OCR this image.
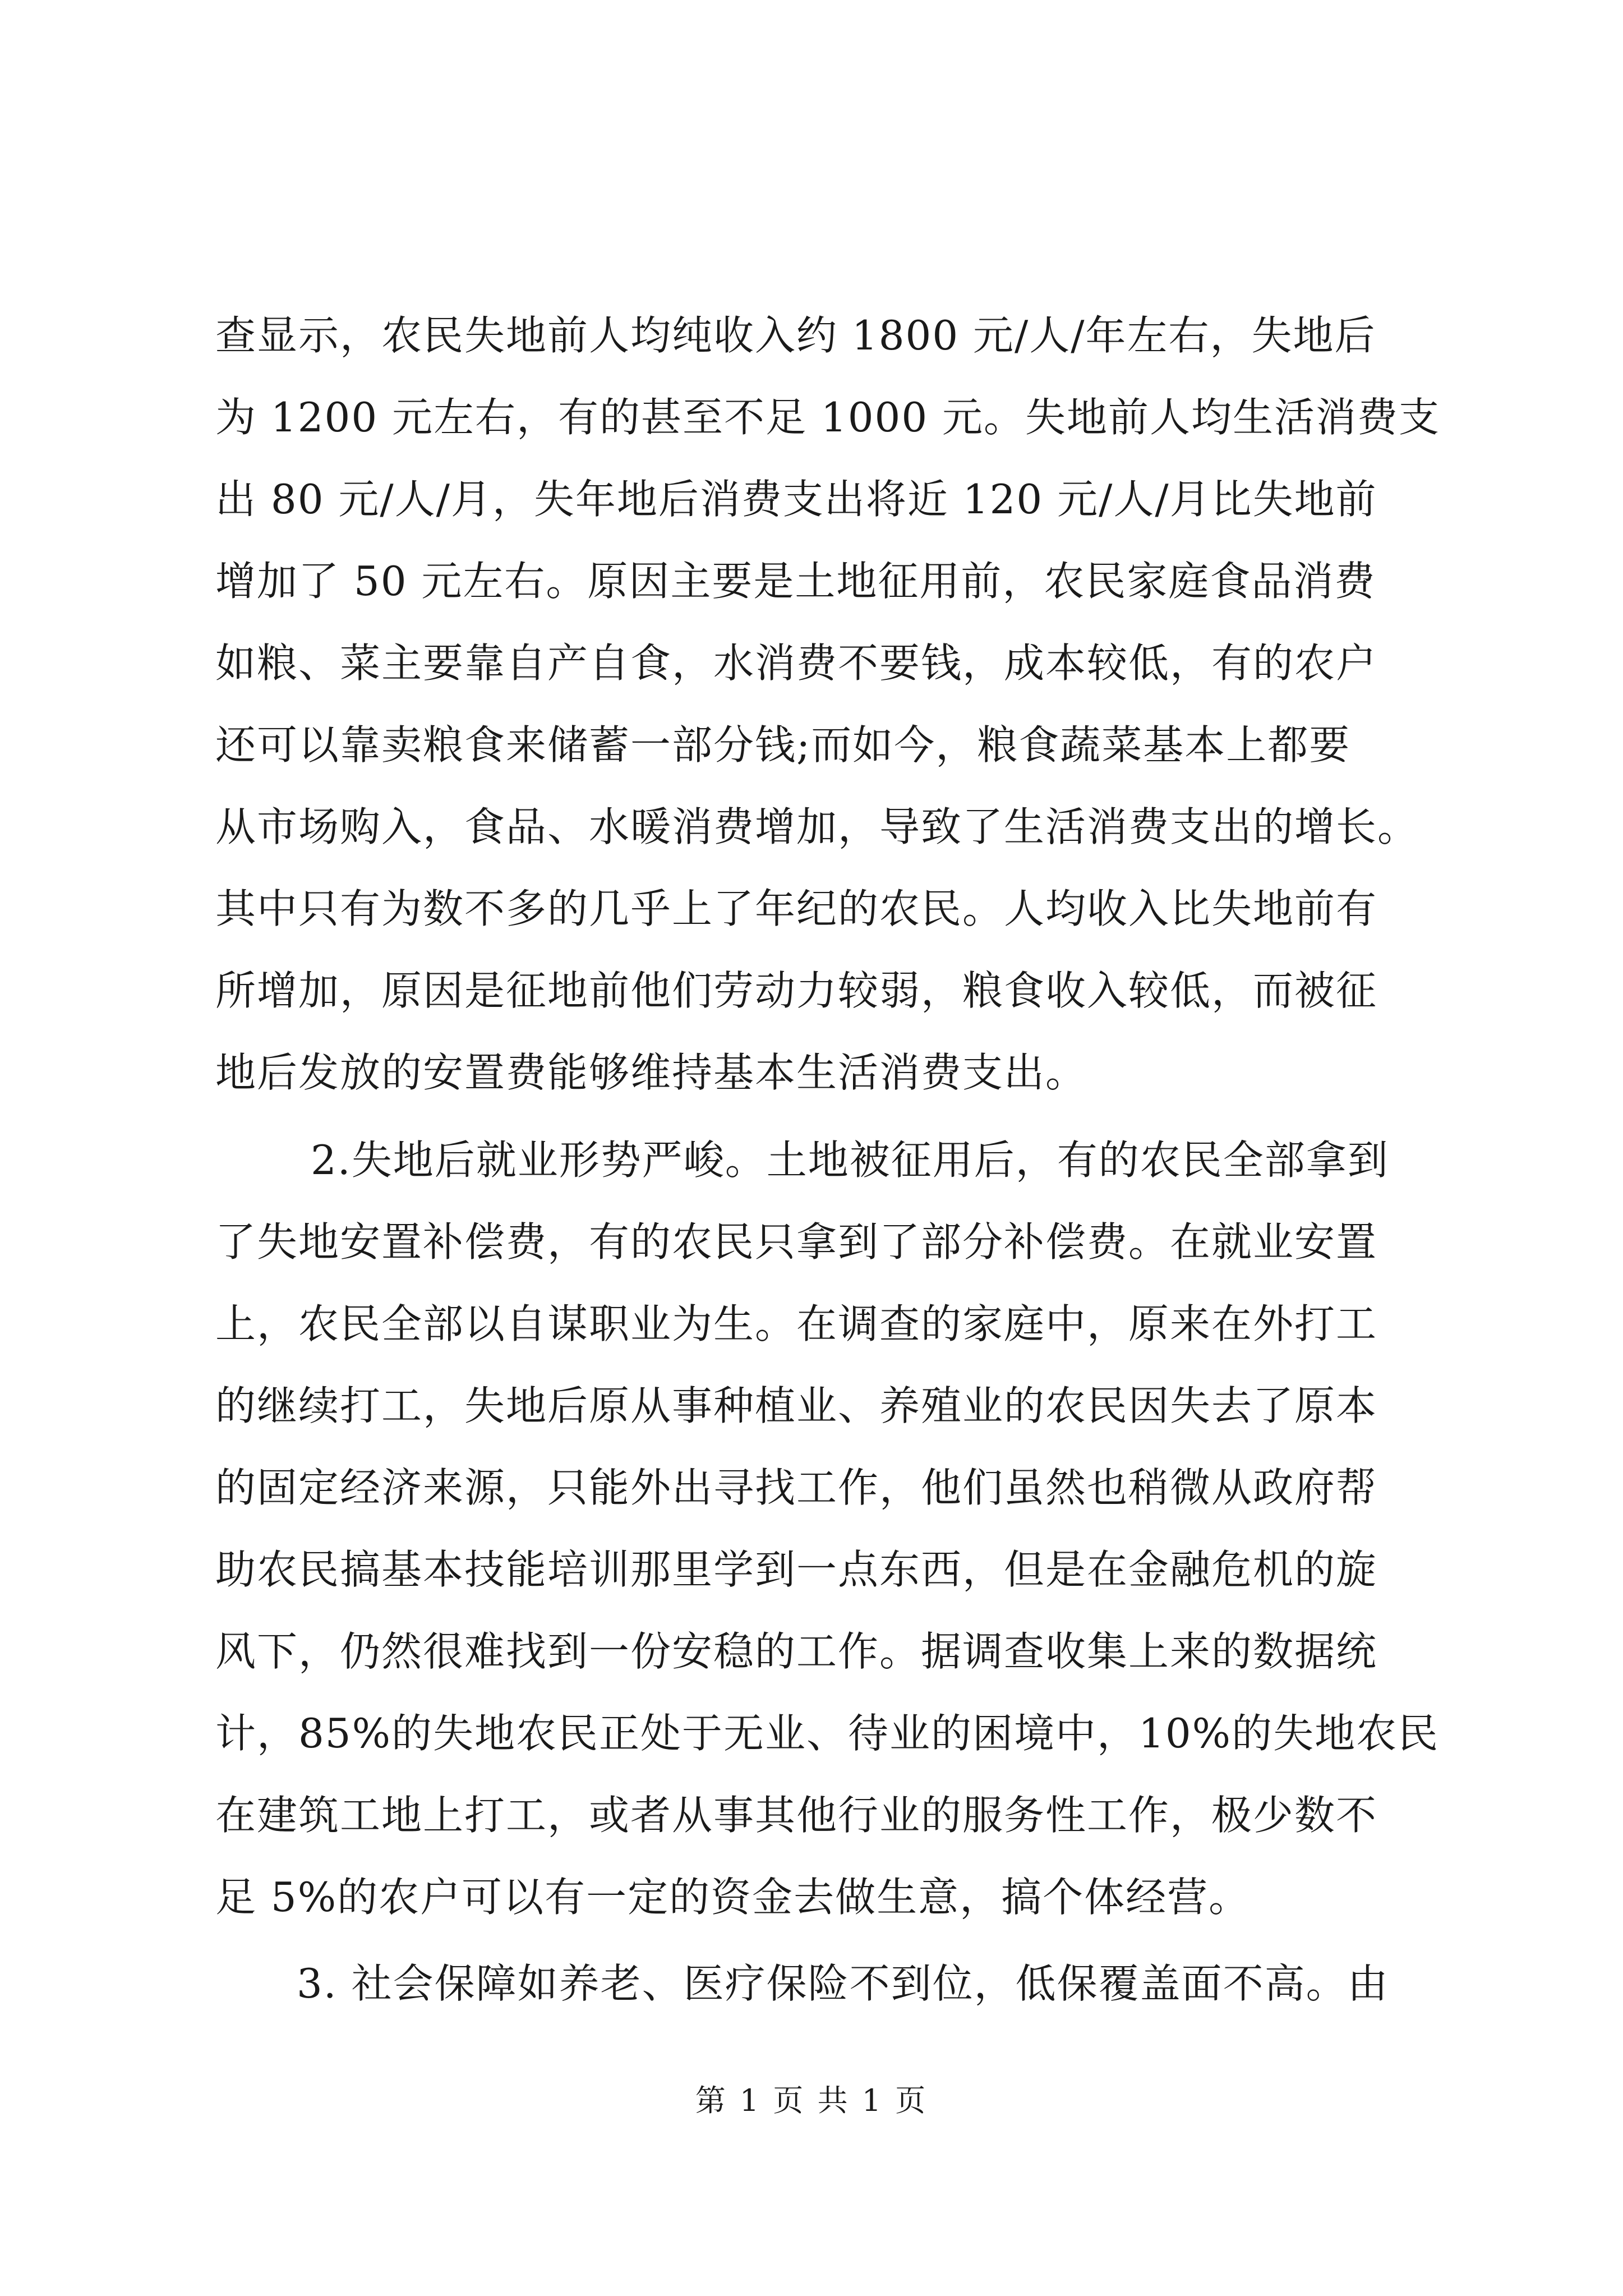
查显示，农民失地前人均纯收入约 1800 元/人/年左右，失地后
为 1200 元左右，有的甚至不足 1000 元。失地前人均生活消费支
出 80 元/人/月，失年地后消费支出将近 120 元/人/月比失地前
增加了 50 元左右。原因主要是土地征用前，农民家庭食品消费
如粮、菜主要靠自产自食，水消费不要钱，成本较低，有的农户
还可以靠卖粮食来储蓄一部分钱;而如今，粮食蔬菜基本上都要
从市场购入，食品、水暖消费增加，导致了生活消费支出的增长。
其中只有为数不多的几乎上了年纪的农民。人均收入比失地前有
所增加，原因是征地前他们劳动力较弱，粮食收入较低，而被征
地后发放的安置费能够维持基本生活消费支出。
2.失地后就业形势严峻。土地被征用后，有的农民全部拿到
了失地安置补偿费，有的农民只拿到了部分补偿费。在就业安置
上，农民全部以自谋职业为生。在调查的家庭中，原来在外打工
的继续打工，失地后原从事种植业、养殖业的农民因失去了原本
的固定经济来源，只能外出寻找工作，他们虽然也稍微从政府帮
助农民搞基本技能培训那里学到一点东西，但是在金融危机的旋
风下，仍然很难找到一份安稳的工作。据调查收集上来的数据统
计，85%的失地农民正处于无业、待业的困境中，10%的失地农民
在建筑工地上打工，或者从事其他行业的服务性工作，极少数不
足 5%的农户可以有一定的资金去做生意，搞个体经营。
3. 社会保障如养老、医疗保险不到位，低保覆盖面不高。由
第 1 页 共 1 页
